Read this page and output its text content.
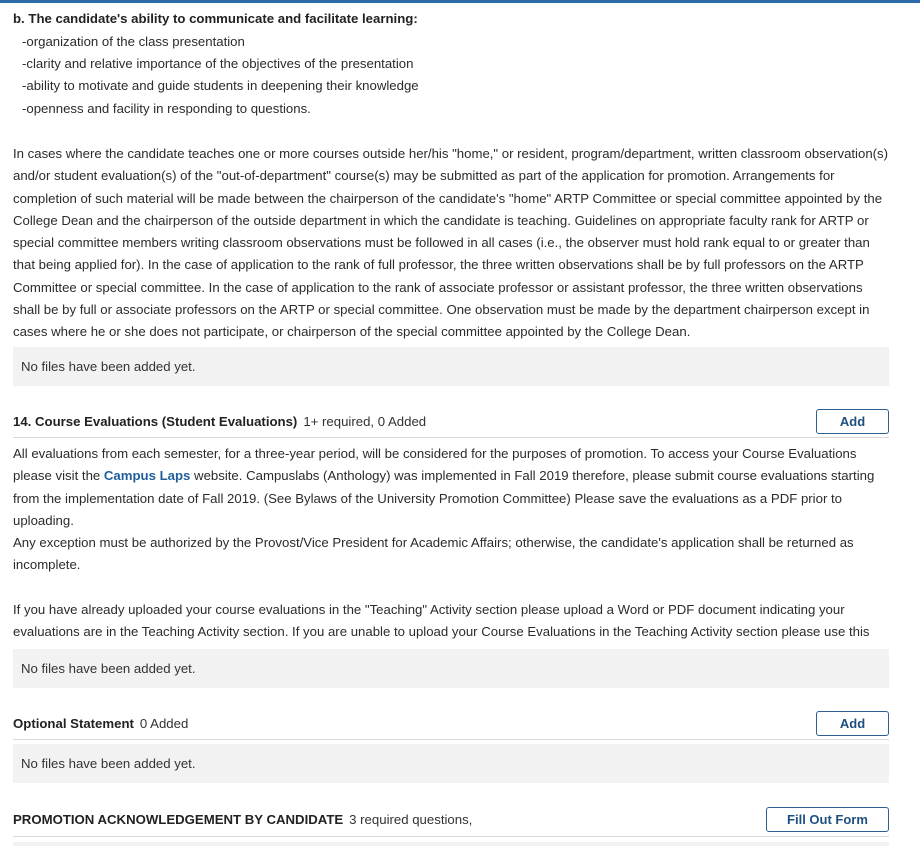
b. The candidate's ability to communicate and facilitate learning:
-organization of the class presentation
-clarity and relative importance of the objectives of the presentation
-ability to motivate and guide students in deepening their knowledge
-openness and facility in responding to questions.

In cases where the candidate teaches one or more courses outside her/his "home," or resident, program/department, written classroom observation(s) and/or student evaluation(s) of the "out-of-department" course(s) may be submitted as part of the application for promotion. Arrangements for completion of such material will be made between the chairperson of the candidate's "home" ARTP Committee or special committee appointed by the College Dean and the chairperson of the outside department in which the candidate is teaching. Guidelines on appropriate faculty rank for ARTP or special committee members writing classroom observations must be followed in all cases (i.e., the observer must hold rank equal to or greater than that being applied for). In the case of application to the rank of full professor, the three written observations shall be by full professors on the ARTP Committee or special committee. In the case of application to the rank of associate professor or assistant professor, the three written observations shall be by full or associate professors on the ARTP or special committee. One observation must be made by the department chairperson except in cases where he or she does not participate, or chairperson of the special committee appointed by the College Dean.

No files have been added yet.
14. Course Evaluations (Student Evaluations) 1+ required, 0 Added	Add

All evaluations from each semester, for a three-year period, will be considered for the purposes of promotion. To access your Course Evaluations please visit the Campus Laps website. Campuslabs (Anthology) was implemented in Fall 2019 therefore, please submit course evaluations starting from the implementation date of Fall 2019. (See Bylaws of the University Promotion Committee) Please save the evaluations as a PDF prior to uploading.

Any exception must be authorized by the Provost/Vice President for Academic Affairs; otherwise, the candidate's application shall be returned as incomplete.

If you have already uploaded your course evaluations in the "Teaching" Activity section please upload a Word or PDF document indicating your evaluations are in the Teaching Activity section. If you are unable to upload your Course Evaluations in the Teaching Activity section please use this

No files have been added yet.
Optional Statement 0 Added	Add
No files have been added yet.
PROMOTION ACKNOWLEDGEMENT BY CANDIDATE 3 required questions,	Fill Out Form
